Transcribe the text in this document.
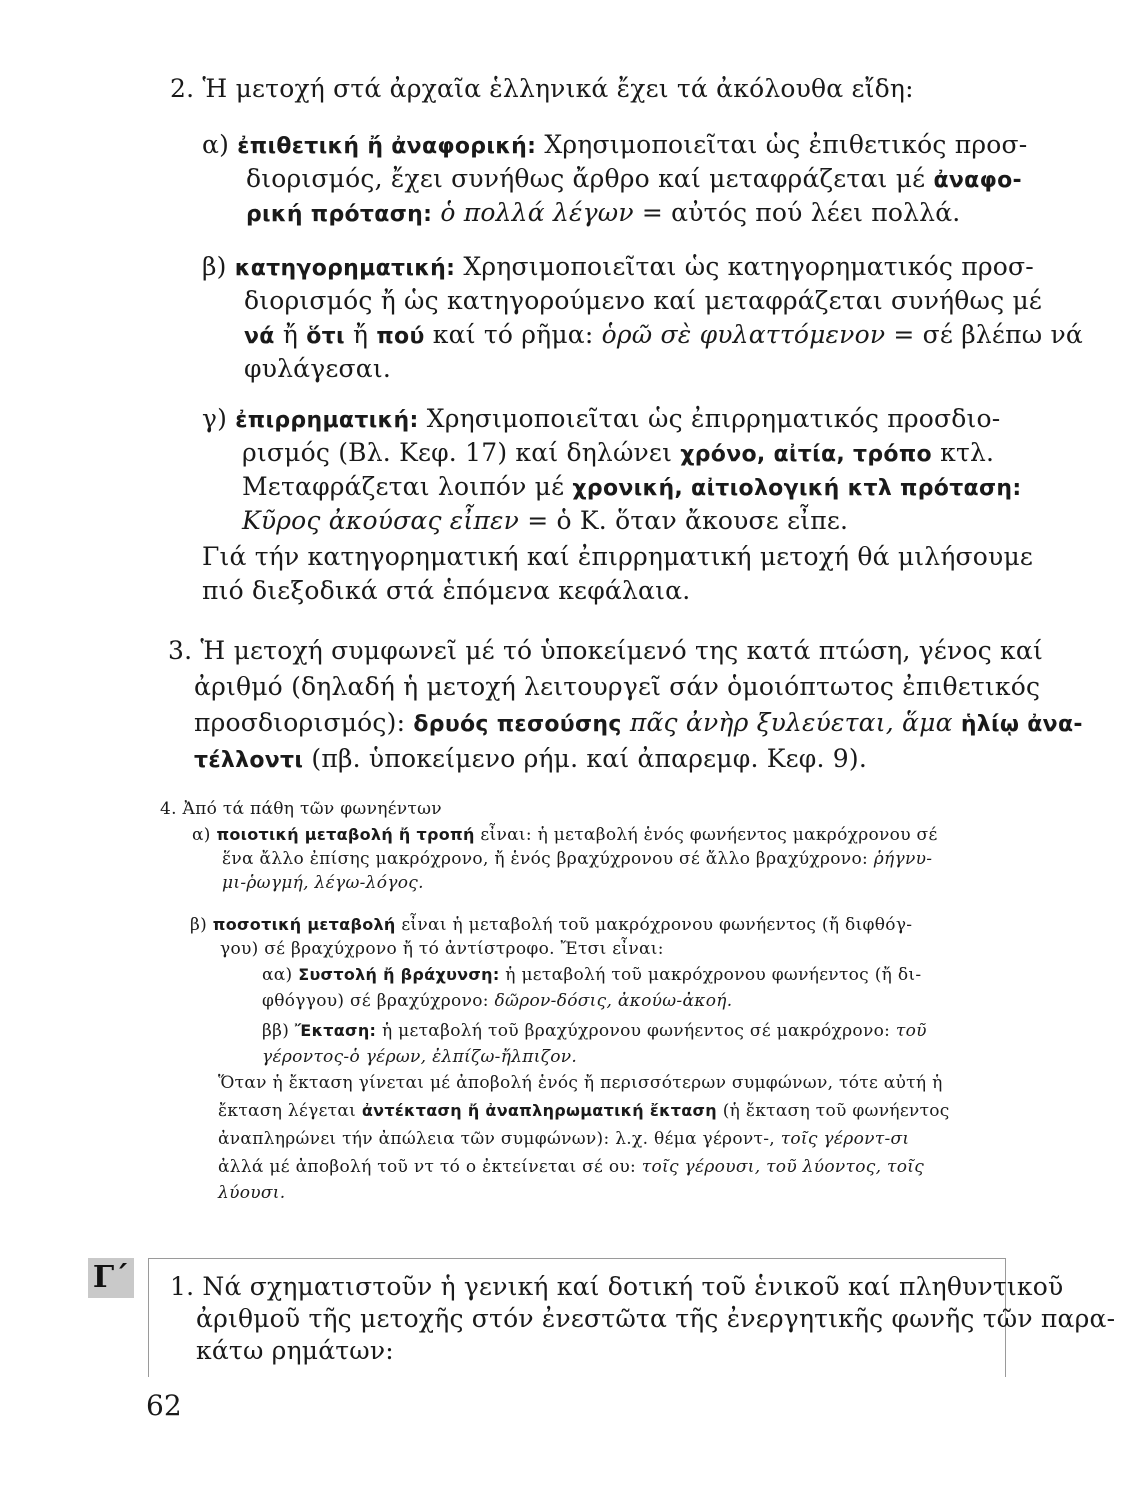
2. Ἡ μετοχή στά ἀρχαῖα ἑλληνικά ἔχει τά ἀκόλουθα εἴδη:
α) ἐπιθετική ἤ ἀναφορική: Χρησιμοποιεῖται ὡς ἐπιθετικός προσ-
διορισμός, ἔχει συνήθως ἄρθρο καί μεταφράζεται μέ ἀναφο-
ρική πρόταση: ὁ πολλά λέγων = αὐτός πού λέει πολλά.
β) κατηγορηματική: Χρησιμοποιεῖται ὡς κατηγορηματικός προσ-
διορισμός ἤ ὡς κατηγορούμενο καί μεταφράζεται συνήθως μέ
νά ἤ ὅτι ἤ πού καί τό ρῆμα: ὁρῶ σὲ φυλαττόμενον = σέ βλέπω νά
φυλάγεσαι.
γ) ἐπιρρηματική: Χρησιμοποιεῖται ὡς ἐπιρρηματικός προσδιο-
ρισμός (Βλ. Κεφ. 17) καί δηλώνει χρόνο, αἰτία, τρόπο κτλ.
Μεταφράζεται λοιπόν μέ χρονική, αἰτιολογική κτλ πρόταση:
Κῦρος ἀκούσας εἶπεν = ὁ Κ. ὅταν ἄκουσε εἶπε.
Γιά τήν κατηγορηματική καί ἐπιρρηματική μετοχή θά μιλήσουμε
πιό διεξοδικά στά ἑπόμενα κεφάλαια.
3. Ἡ μετοχή συμφωνεῖ μέ τό ὑποκείμενό της κατά πτώση, γένος καί
ἀριθμό (δηλαδή ἡ μετοχή λειτουργεῖ σάν ὁμοιόπτωτος ἐπιθετικός
προσδιορισμός): δρυός πεσούσης πᾶς ἀνὴρ ξυλεύεται, ἅμα ἡλίῳ ἀνα-
τέλλοντι (πβ. ὑποκείμενο ρήμ. καί ἀπαρεμφ. Κεφ. 9).
4. Ἀπό τά πάθη τῶν φωνηέντων
α) ποιοτική μεταβολή ἤ τροπή εἶναι: ἡ μεταβολή ἑνός φωνήεντος μακρόχρονου σέ
ἕνα ἄλλο ἐπίσης μακρόχρονο, ἤ ἑνός βραχύχρονου σέ ἄλλο βραχύχρονο: ῥήγνυ-
μι-ῥωγμή, λέγω-λόγος.
β) ποσοτική μεταβολή εἶναι ἡ μεταβολή τοῦ μακρόχρονου φωνήεντος (ἤ διφθόγ-
γου) σέ βραχύχρονο ἤ τό ἀντίστροφο. Ἔτσι εἶναι:
αα) Συστολή ἤ βράχυνση: ἡ μεταβολή τοῦ μακρόχρονου φωνήεντος (ἤ δι-
φθόγγου) σέ βραχύχρονο: δῶρον-δόσις, ἀκούω-ἀκοή.
ββ) Ἔκταση: ἡ μεταβολή τοῦ βραχύχρονου φωνήεντος σέ μακρόχρονο: τοῦ
γέροντος-ὁ γέρων, ἐλπίζω-ἤλπιζον.
Ὅταν ἡ ἔκταση γίνεται μέ ἀποβολή ἑνός ἤ περισσότερων συμφώνων, τότε αὐτή ἡ
ἔκταση λέγεται ἀντέκταση ἤ ἀναπληρωματική ἔκταση (ἡ ἔκταση τοῦ φωνήεντος
ἀναπληρώνει τήν ἀπώλεια τῶν συμφώνων): λ.χ. θέμα γέροντ-, τοῖς γέροντ-σι
ἀλλά μέ ἀποβολή τοῦ ντ τό ο ἐκτείνεται σέ ου: τοῖς γέρουσι, τοῦ λύοντος, τοῖς
λύουσι.
Γ΄ 1. Νά σχηματιστοῦν ἡ γενική καί δοτική τοῦ ἑνικοῦ καί πληθυντικοῦ
ἀριθμοῦ τῆς μετοχῆς στόν ἐνεστῶτα τῆς ἐνεργητικῆς φωνῆς τῶν παρα-
κάτω ρημάτων:
62
